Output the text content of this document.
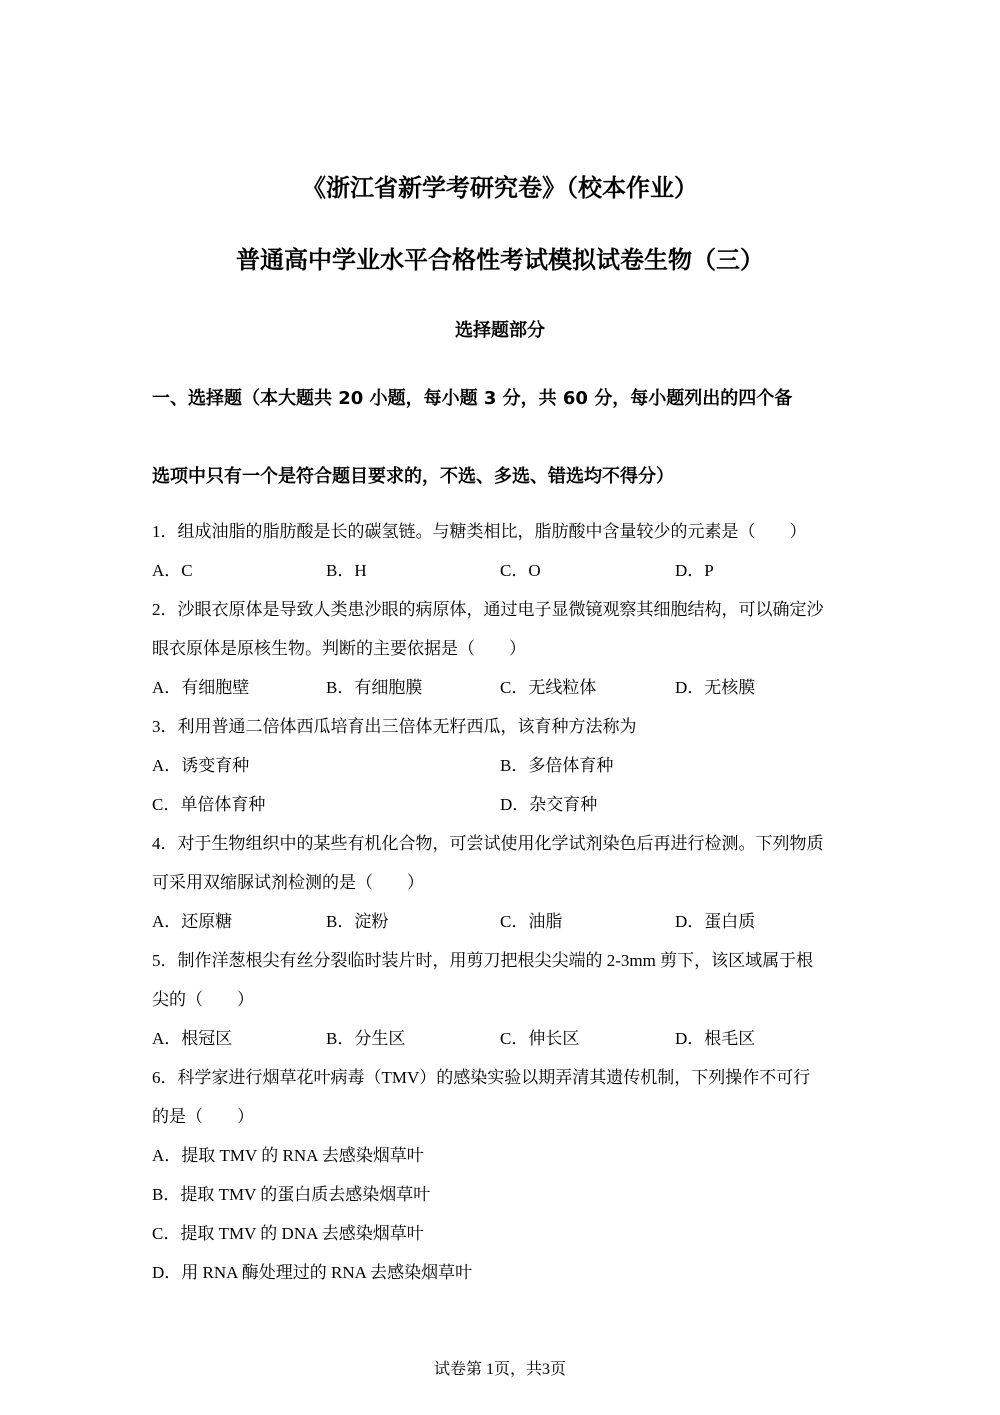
《浙江省新学考研究卷》（校本作业）
普通高中学业水平合格性考试模拟试卷生物（三）
选择题部分
一、选择题（本大题共 20 小题，每小题 3 分，共 60 分，每小题列出的四个备
选项中只有一个是符合题目要求的，不选、多选、错选均不得分）
1．组成油脂的脂肪酸是长的碳氢链。与糖类相比，脂肪酸中含量较少的元素是（　　）
A．C	B．H	C．O	D．P
2．沙眼衣原体是导致人类患沙眼的病原体，通过电子显微镜观察其细胞结构，可以确定沙
眼衣原体是原核生物。判断的主要依据是（　　）
A．有细胞壁	B．有细胞膜	C．无线粒体	D．无核膜
3．利用普通二倍体西瓜培育出三倍体无籽西瓜，该育种方法称为
A．诱变育种	B．多倍体育种
C．单倍体育种	D．杂交育种
4．对于生物组织中的某些有机化合物，可尝试使用化学试剂染色后再进行检测。下列物质
可采用双缩脲试剂检测的是（　　）
A．还原糖	B．淀粉	C．油脂	D．蛋白质
5．制作洋葱根尖有丝分裂临时装片时，用剪刀把根尖尖端的 2-3mm 剪下，该区域属于根
尖的（　　）
A．根冠区	B．分生区	C．伸长区	D．根毛区
6．科学家进行烟草花叶病毒（TMV）的感染实验以期弄清其遗传机制，下列操作不可行
的是（　　）
A．提取 TMV 的 RNA 去感染烟草叶
B．提取 TMV 的蛋白质去感染烟草叶
C．提取 TMV 的 DNA 去感染烟草叶
D．用 RNA 酶处理过的 RNA 去感染烟草叶
试卷第 1页，共3页
